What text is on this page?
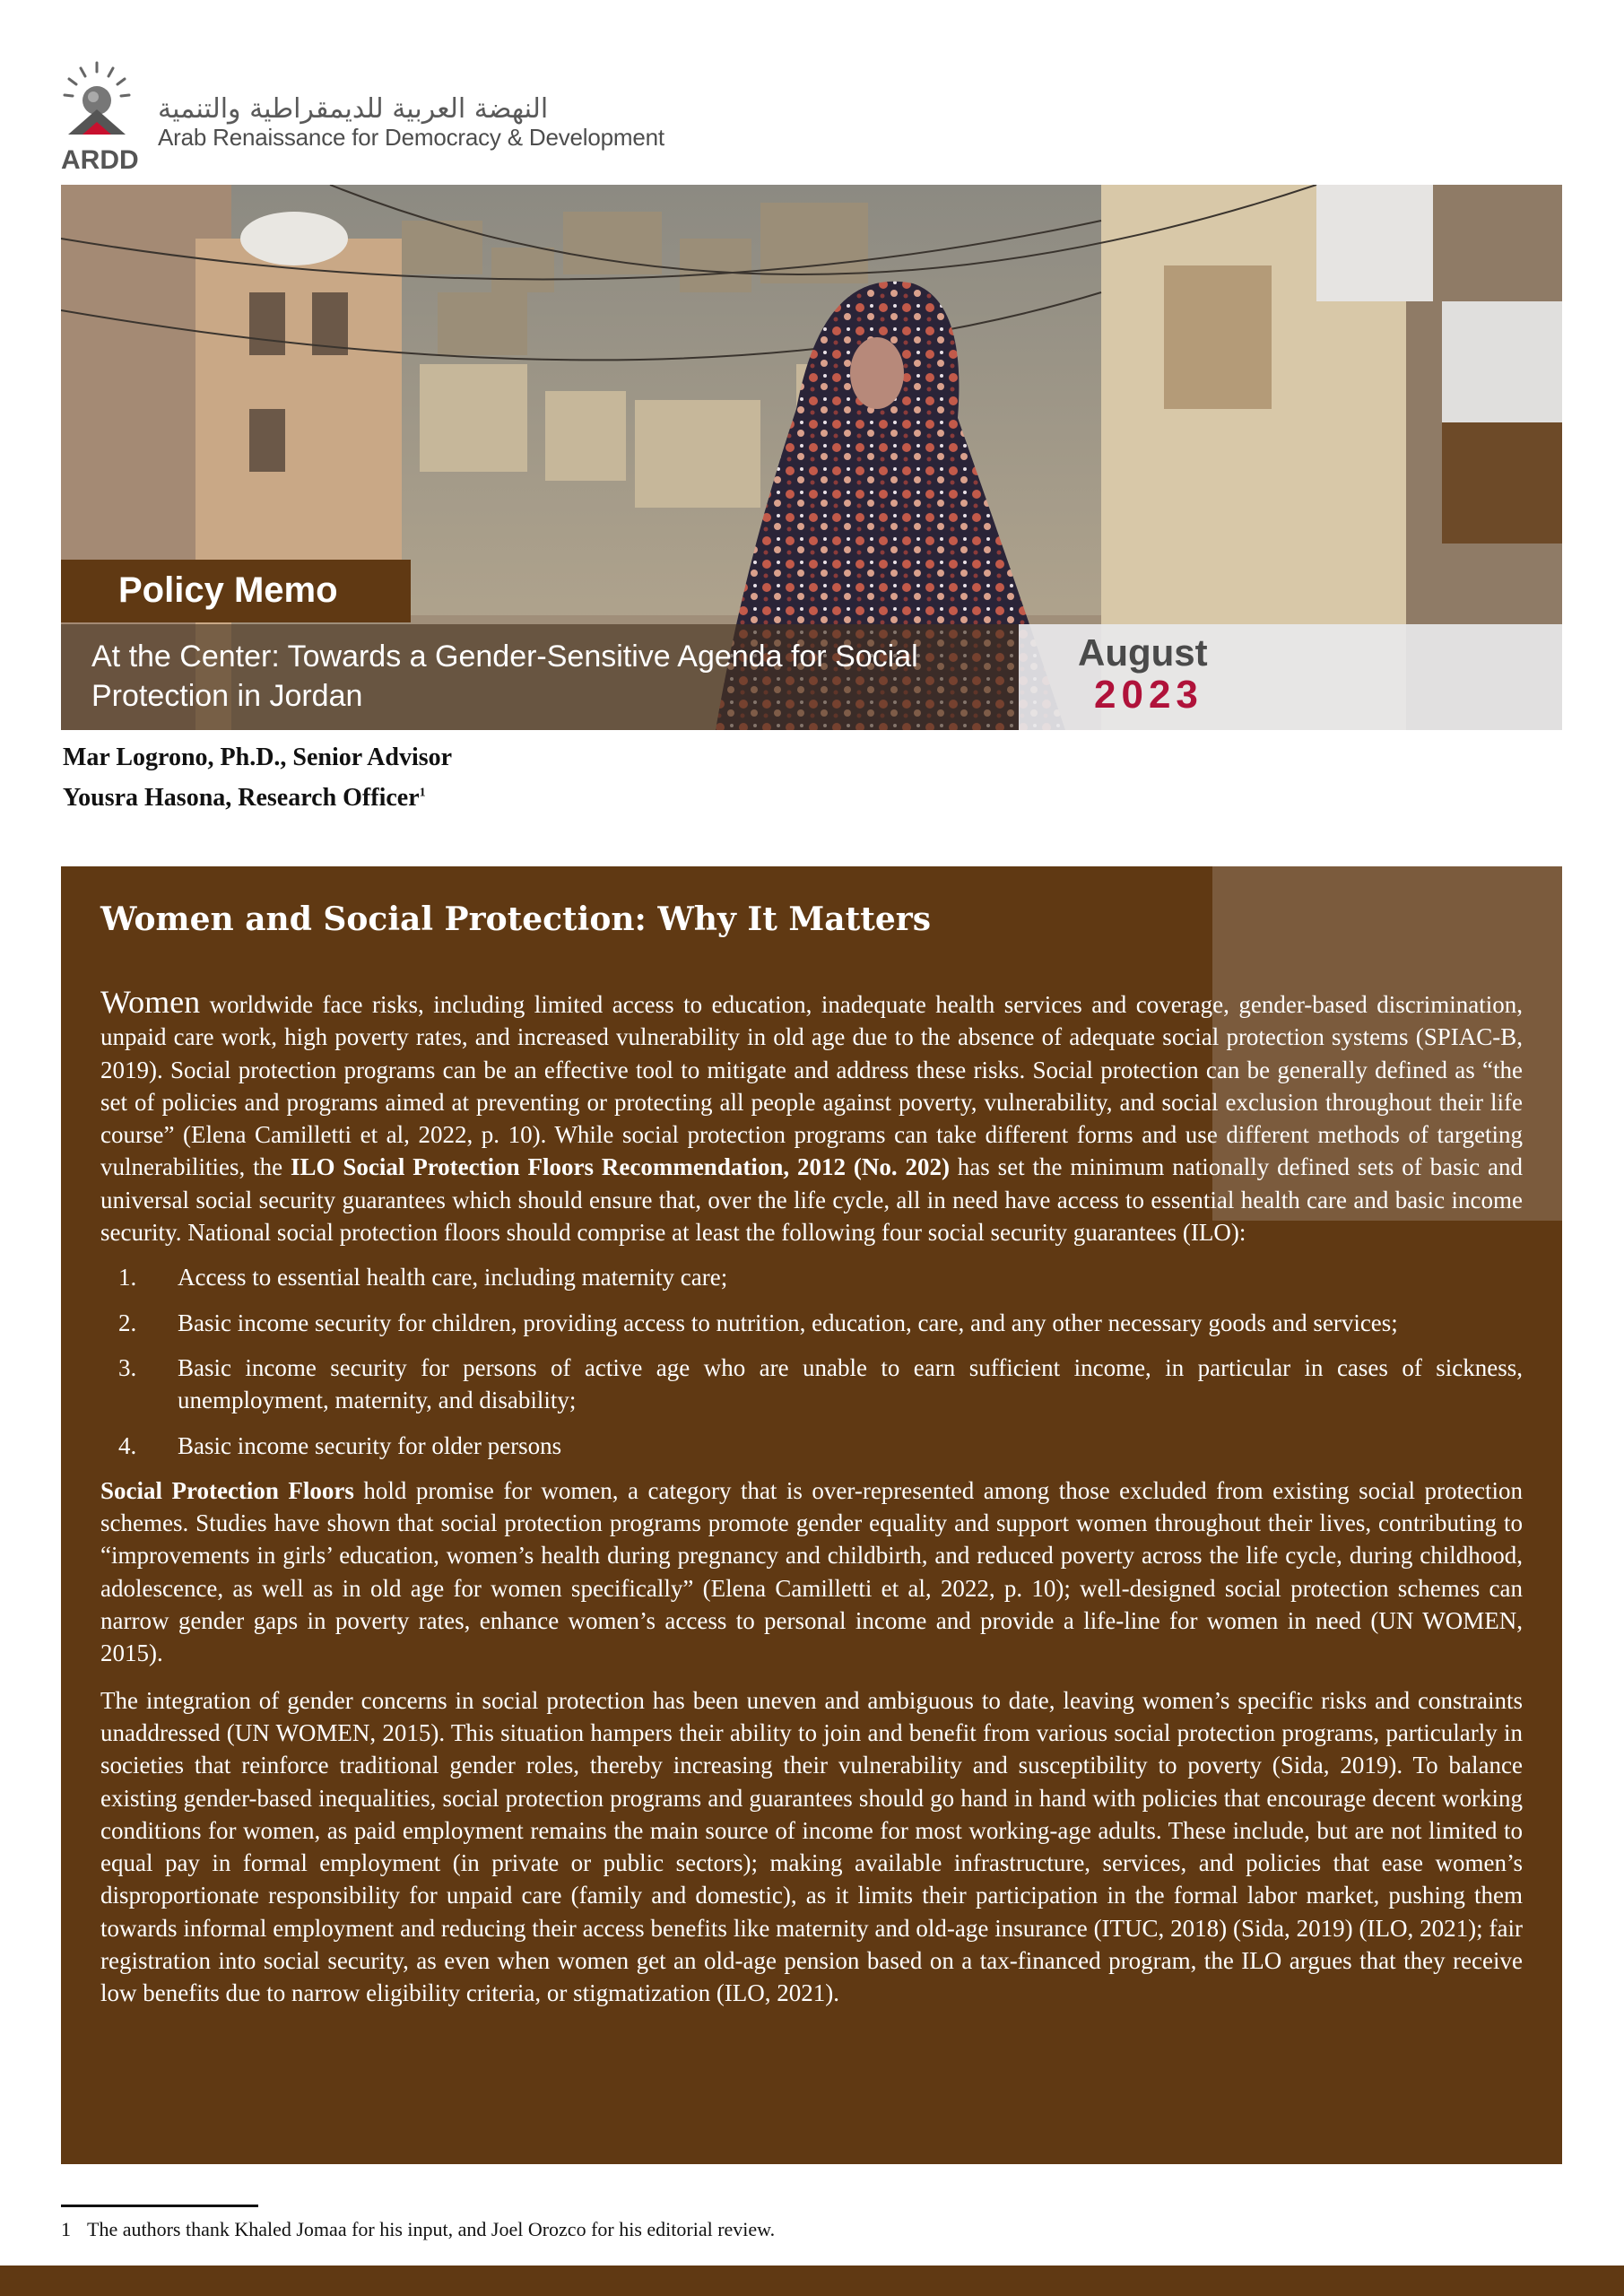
ARDD
النهضة العربية للديمقراطية والتنمية
Arab Renaissance for Democracy & Development
Policy Memo
At the Center: Towards a Gender-Sensitive Agenda for Social Protection in Jordan
August
2023
Mar Logrono, Ph.D., Senior Advisor
Yousra Hasona, Research Officer$^1$
Women and Social Protection: Why It Matters

Women worldwide face risks, including limited access to education, inadequate health services and coverage, gender-based discrimination, unpaid care work, high poverty rates, and increased vulnerability in old age due to the absence of adequate social protection systems (SPIAC-B, 2019). Social protection programs can be an effective tool to mitigate and address these risks. Social protection can be generally defined as “the set of policies and programs aimed at preventing or protecting all people against poverty, vulnerability, and social exclusion throughout their life course” (Elena Camilletti et al, 2022, p. 10). While social protection programs can take different forms and use different methods of targeting vulnerabilities, the ILO Social Protection Floors Recommendation, 2012 (No. 202) has set the minimum nationally defined sets of basic and universal social security guarantees which should ensure that, over the life cycle, all in need have access to essential health care and basic income security. National social protection floors should comprise at least the following four social security guarantees (ILO):

1. Access to essential health care, including maternity care;
2. Basic income security for children, providing access to nutrition, education, care, and any other necessary goods and services;
3. Basic income security for persons of active age who are unable to earn sufficient income, in particular in cases of sickness, unemployment, maternity, and disability;
4. Basic income security for older persons

Social Protection Floors hold promise for women, a category that is over-represented among those excluded from existing social protection schemes. Studies have shown that social protection programs promote gender equality and support women throughout their lives, contributing to “improvements in girls’ education, women’s health during pregnancy and childbirth, and reduced poverty across the life cycle, during childhood, adolescence, as well as in old age for women specifically” (Elena Camilletti et al, 2022, p. 10); well-designed social protection schemes can narrow gender gaps in poverty rates, enhance women’s access to personal income and provide a life-line for women in need (UN WOMEN, 2015).

The integration of gender concerns in social protection has been uneven and ambiguous to date, leaving women’s specific risks and constraints unaddressed (UN WOMEN, 2015). This situation hampers their ability to join and benefit from various social protection programs, particularly in societies that reinforce traditional gender roles, thereby increasing their vulnerability and susceptibility to poverty (Sida, 2019). To balance existing gender-based inequalities, social protection programs and guarantees should go hand in hand with policies that encourage decent working conditions for women, as paid employment remains the main source of income for most working-age adults. These include, but are not limited to equal pay in formal employment (in private or public sectors); making available infrastructure, services, and policies that ease women’s disproportionate responsibility for unpaid care (family and domestic), as it limits their participation in the formal labor market, pushing them towards informal employment and reducing their access benefits like maternity and old-age insurance (ITUC, 2018) (Sida, 2019) (ILO, 2021); fair registration into social security, as even when women get an old-age pension based on a tax-financed program, the ILO argues that they receive low benefits due to narrow eligibility criteria, or stigmatization (ILO, 2021).

1 The authors thank Khaled Jomaa for his input, and Joel Orozco for his editorial review.
